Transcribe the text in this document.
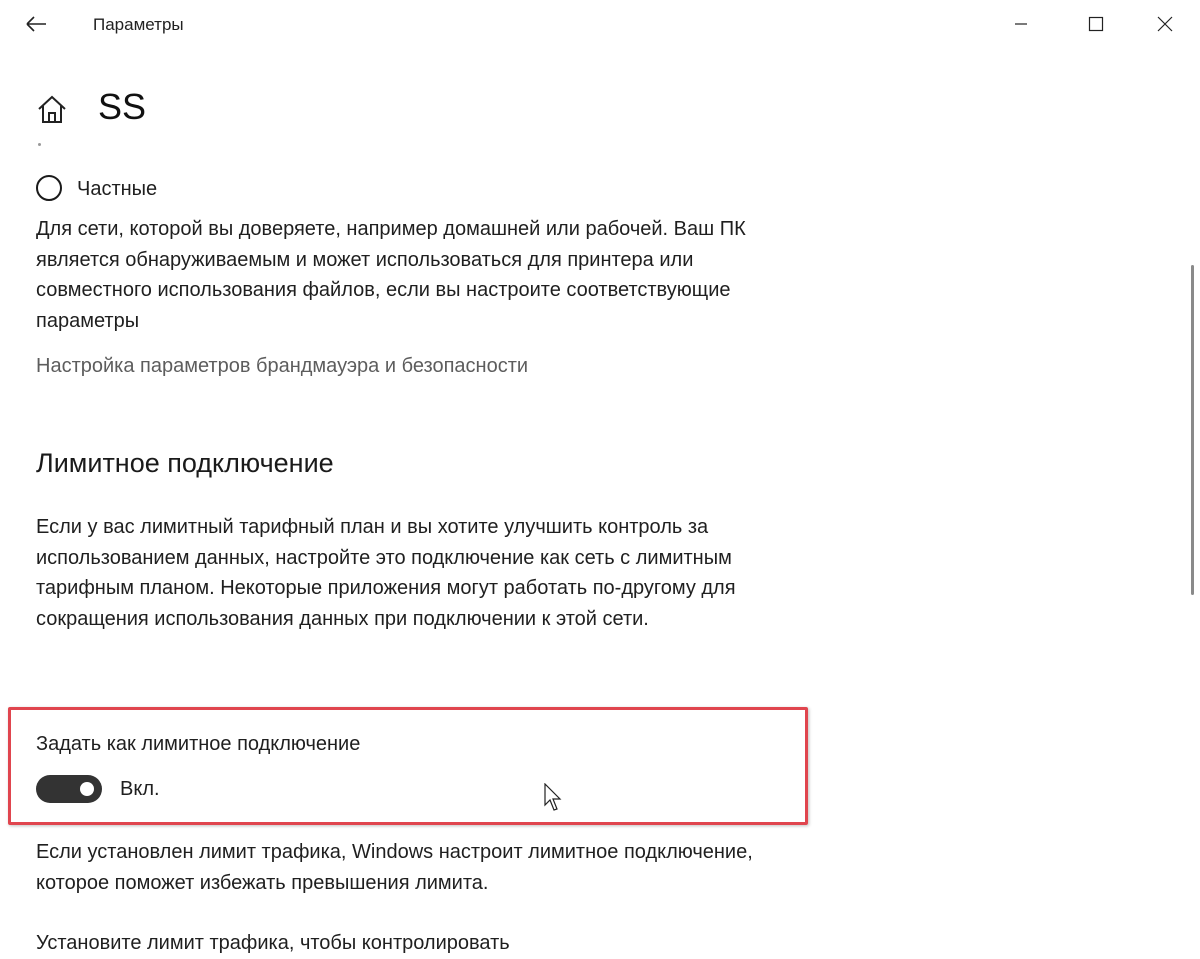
Параметры
SS
Частные
Для сети, которой вы доверяете, например домашней или рабочей. Ваш ПК является обнаруживаемым и может использоваться для принтера или совместного использования файлов, если вы настроите соответствующие параметры
Настройка параметров брандмауэра и безопасности
Лимитное подключение
Если у вас лимитный тарифный план и вы хотите улучшить контроль за использованием данных, настройте это подключение как сеть с лимитным тарифным планом. Некоторые приложения могут работать по-другому для сокращения использования данных при подключении к этой сети.
Задать как лимитное подключение
Вкл.
Если установлен лимит трафика, Windows настроит лимитное подключение, которое поможет избежать превышения лимита.
Установите лимит трафика, чтобы контролировать
